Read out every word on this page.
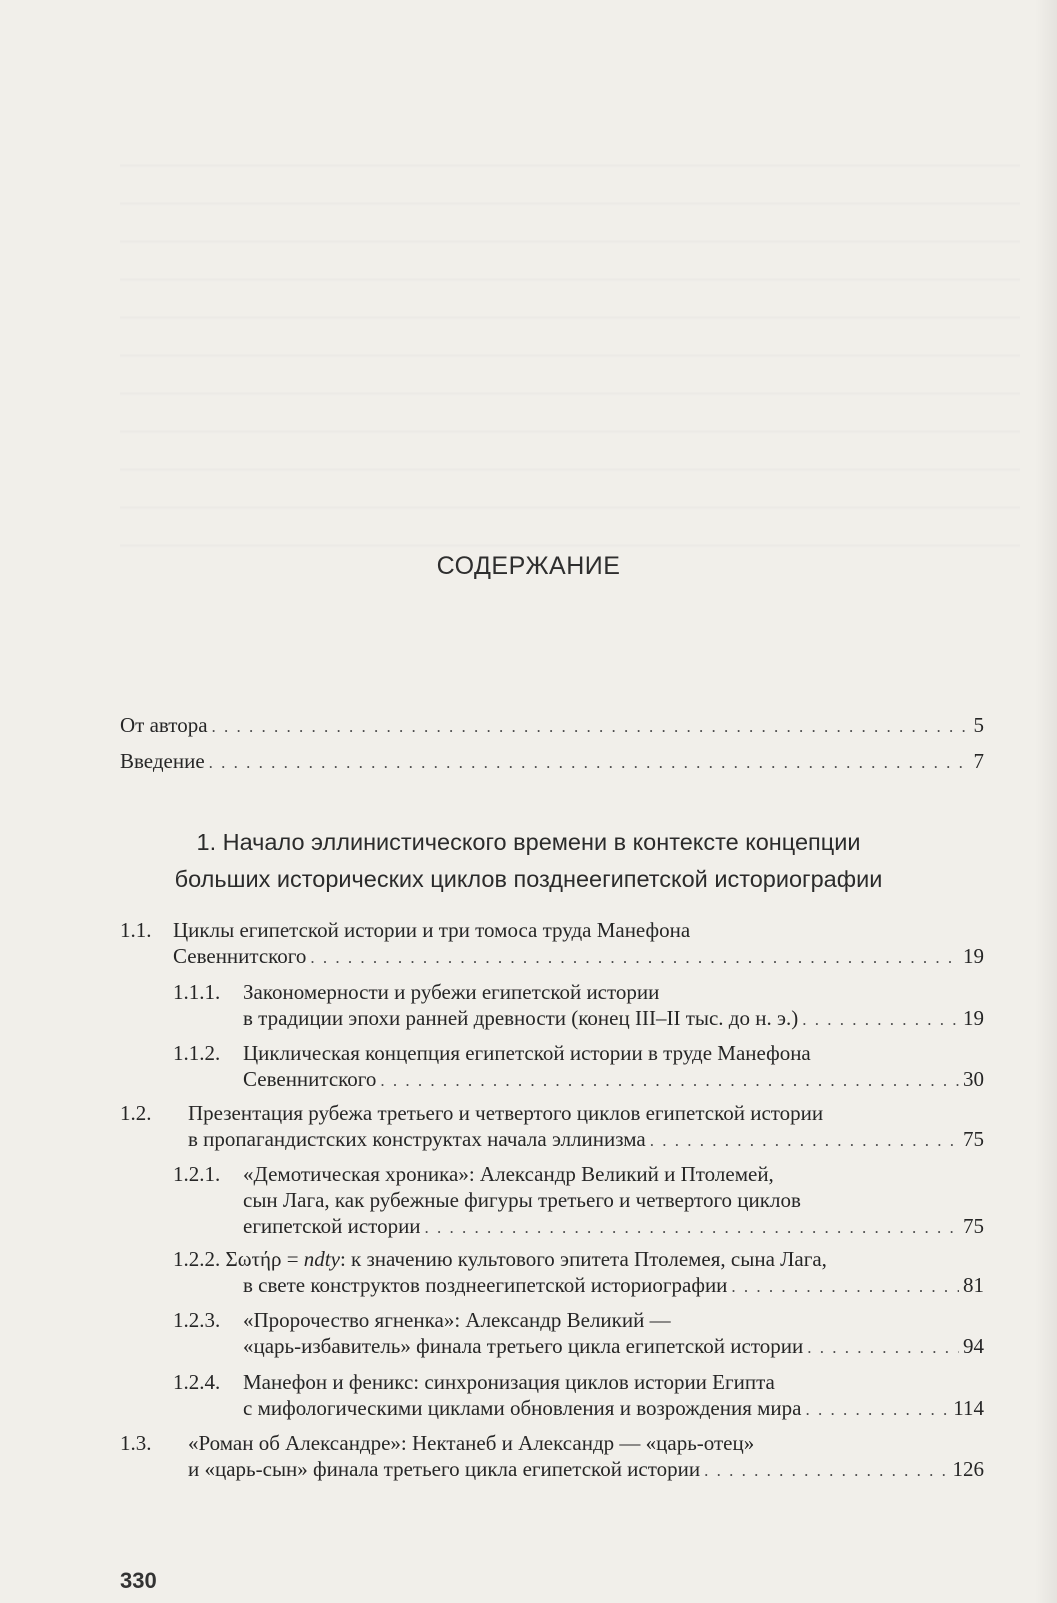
СОДЕРЖАНИЕ
От автора . . .	5
Введение . . .	7
1. Начало эллинистического времени в контексте концепции
больших исторических циклов позднеегипетской историографии
1.1. Циклы египетской истории и три томоса труда Манефона
Севеннитского . . .	19
1.1.1. Закономерности и рубежи египетской истории
в традиции эпохи ранней древности (конец III–II тыс. до н. э.) . . .	19
1.1.2. Циклическая концепция египетской истории в труде Манефона
Севеннитского . . .	30
1.2. Презентация рубежа третьего и четвертого циклов египетской истории
в пропагандистских конструктах начала эллинизма . . .	75
1.2.1. «Демотическая хроника»: Александр Великий и Птолемей,
сын Лага, как рубежные фигуры третьего и четвертого циклов
египетской истории . . .	75
1.2.2. Σωτήρ = ndty: к значению культового эпитета Птолемея, сына Лага,
в свете конструктов позднеегипетской историографии . . .	81
1.2.3. «Пророчество ягненка»: Александр Великий —
«царь-избавитель» финала третьего цикла египетской истории . . .	94
1.2.4. Манефон и феникс: синхронизация циклов истории Египта
с мифологическими циклами обновления и возрождения мира . . .	114
1.3. «Роман об Александре»: Нектанеб и Александр — «царь-отец»
и «царь-сын» финала третьего цикла египетской истории . . .	126
330
